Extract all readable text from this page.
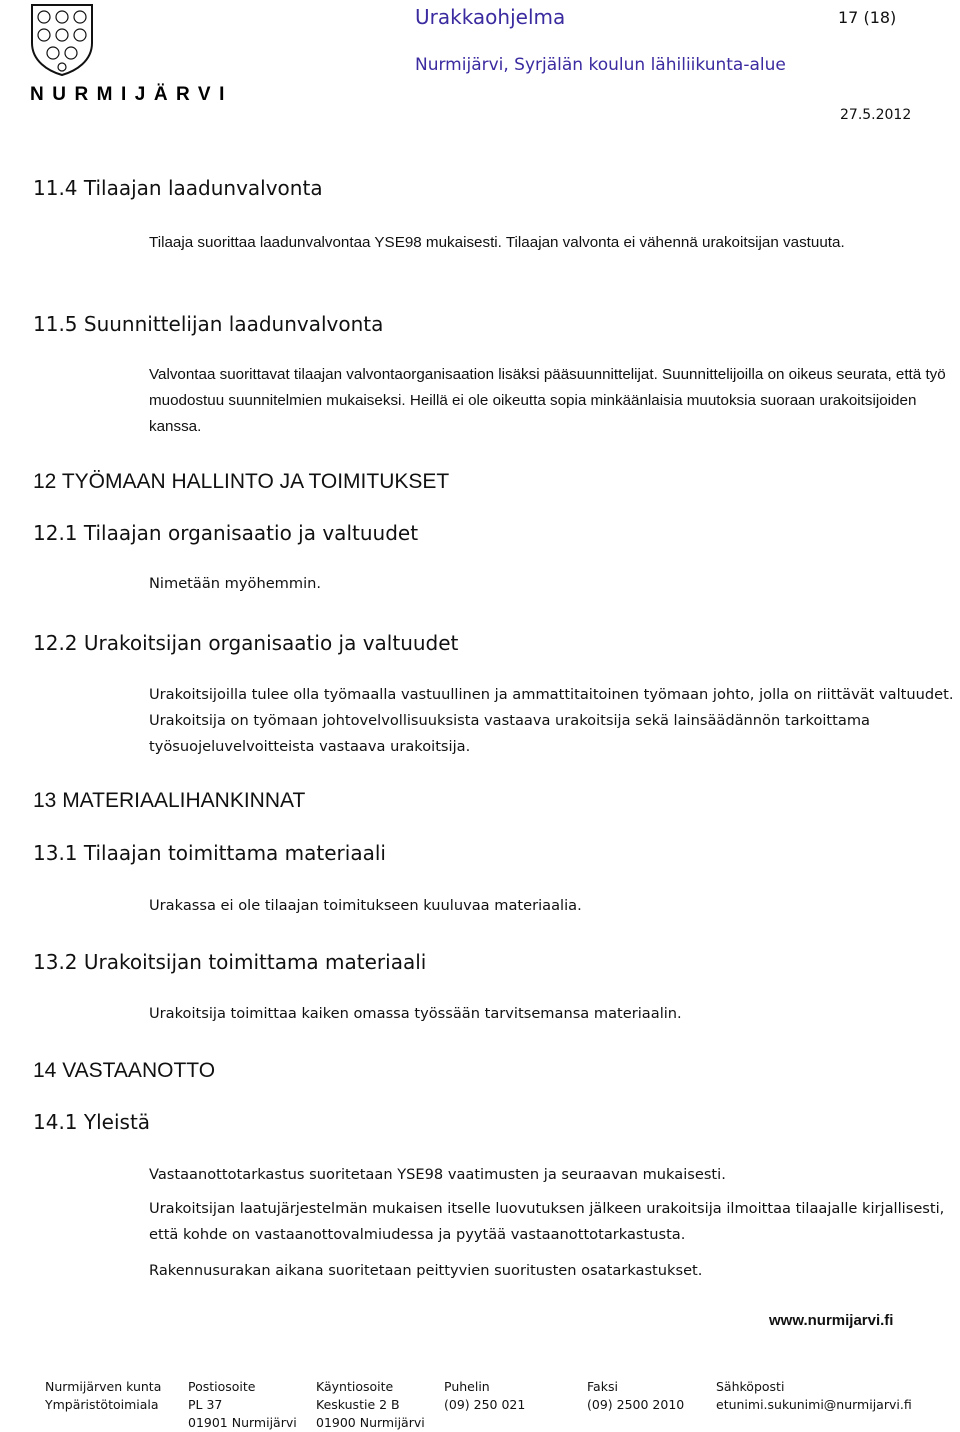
NURMIJÄRVI
Urakkaohjelma	17 (18)
Nurmijärvi, Syrjälän koulun lähiliikunta-alue
27.5.2012
11.4 Tilaajan laadunvalvonta
Tilaaja suorittaa laadunvalvontaa YSE98 mukaisesti. Tilaajan valvonta ei vähennä urakoitsijan vastuuta.
11.5 Suunnittelijan laadunvalvonta
Valvontaa suorittavat tilaajan valvontaorganisaation lisäksi pääsuunnittelijat. Suunnittelijoilla on oikeus seurata, että työ muodostuu suunnitelmien mukaiseksi. Heillä ei ole oikeutta sopia minkäänlaisia muutoksia suoraan urakoitsijoiden kanssa.
12 TYÖMAAN HALLINTO JA TOIMITUKSET
12.1 Tilaajan organisaatio ja valtuudet
Nimetään myöhemmin.
12.2 Urakoitsijan organisaatio ja valtuudet
Urakoitsijoilla tulee olla työmaalla vastuullinen ja ammattitaitoinen työmaan johto, jolla on riittävät valtuudet. Urakoitsija on työmaan johtovelvollisuuksista vastaava urakoitsija sekä lainsäädännön tarkoittama työsuojeluvelvoitteista vastaava urakoitsija.
13 MATERIAALIHANKINNAT
13.1 Tilaajan toimittama materiaali
Urakassa ei ole tilaajan toimitukseen kuuluvaa materiaalia.
13.2 Urakoitsijan toimittama materiaali
Urakoitsija toimittaa kaiken omassa työssään tarvitsemansa materiaalin.
14 VASTAANOTTO
14.1 Yleistä
Vastaanottotarkastus suoritetaan YSE98 vaatimusten ja seuraavan mukaisesti.
Urakoitsijan laatujärjestelmän mukaisen itselle luovutuksen jälkeen urakoitsija ilmoittaa tilaajalle kirjallisesti, että kohde on vastaanottovalmiudessa ja pyytää vastaanottotarkastusta.
Rakennusurakan aikana suoritetaan peittyvien suoritusten osatarkastukset.
www.nurmijarvi.fi
Nurmijärven kunta
Ympäristötoimiala
Postiosoite
PL 37
01901 Nurmijärvi
Käyntiosoite
Keskustie 2 B
01900 Nurmijärvi
Puhelin
(09) 250 021
Faksi
(09) 2500 2010
Sähköposti
etunimi.sukunimi@nurmijarvi.fi
